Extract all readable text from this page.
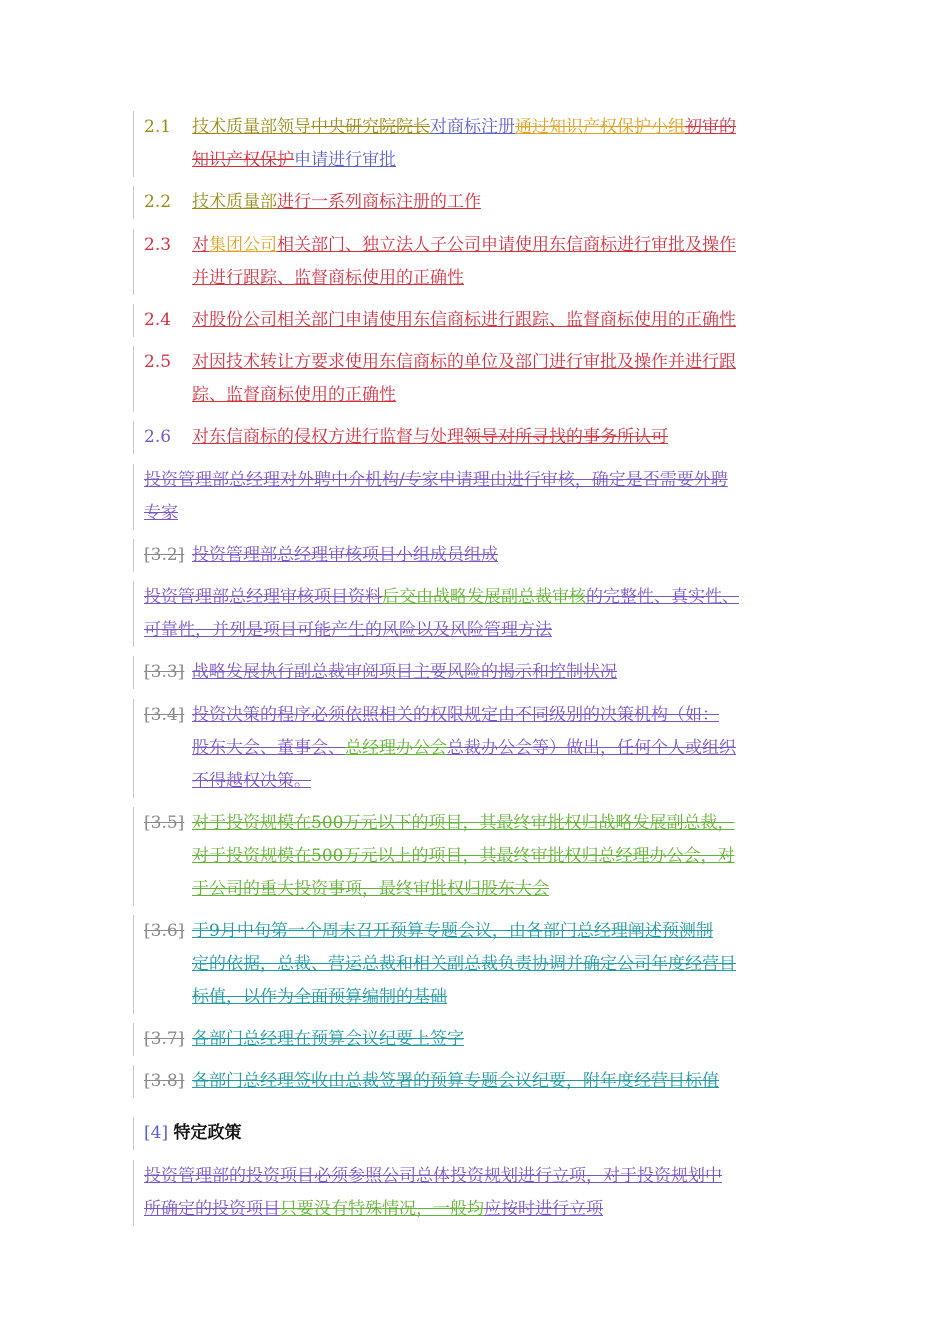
2.1 技术质量部领导中央研究院院长对商标注册通过知识产权保护小组初审的
知识产权保护申请进行审批
2.2 技术质量部进行一系列商标注册的工作
2.3 对集团公司相关部门、独立法人子公司申请使用东信商标进行审批及操作
并进行跟踪、监督商标使用的正确性
2.4 对股份公司相关部门申请使用东信商标进行跟踪、监督商标使用的正确性
2.5 对因技术转让方要求使用东信商标的单位及部门进行审批及操作并进行跟
踪、监督商标使用的正确性
2.6 对东信商标的侵权方进行监督与处理领导对所寻找的事务所认可
投资管理部总经理对外聘中介机构/专家申请理由进行审核，确定是否需要外聘
专家
[3.2] 投资管理部总经理审核项目小组成员组成
投资管理部总经理审核项目资料后交由战略发展副总裁审核的完整性、真实性、
可靠性，并列是项目可能产生的风险以及风险管理方法
[3.3] 战略发展执行副总裁审阅项目主要风险的揭示和控制状况
[3.4] 投资决策的程序必须依照相关的权限规定由不同级别的决策机构（如：
股东大会、董事会、总经理办公会总裁办公会等）做出，任何个人或组织
不得越权决策。
[3.5] 对于投资规模在500万元以下的项目，其最终审批权归战略发展副总裁，
对于投资规模在500万元以上的项目，其最终审批权归总经理办公会，对
于公司的重大投资事项，最终审批权归股东大会
[3.6] 于9月中旬第一个周末召开预算专题会议，由各部门总经理阐述预测制
定的依据，总裁、营运总裁和相关副总裁负责协调并确定公司年度经营目
标值，以作为全面预算编制的基础
[3.7] 各部门总经理在预算会议纪要上签字
[3.8] 各部门总经理签收由总裁签署的预算专题会议纪要，附年度经营目标值
[4] 特定政策
投资管理部的投资项目必须参照公司总体投资规划进行立项，对于投资规划中
所确定的投资项目只要没有特殊情况，一般均应按时进行立项
